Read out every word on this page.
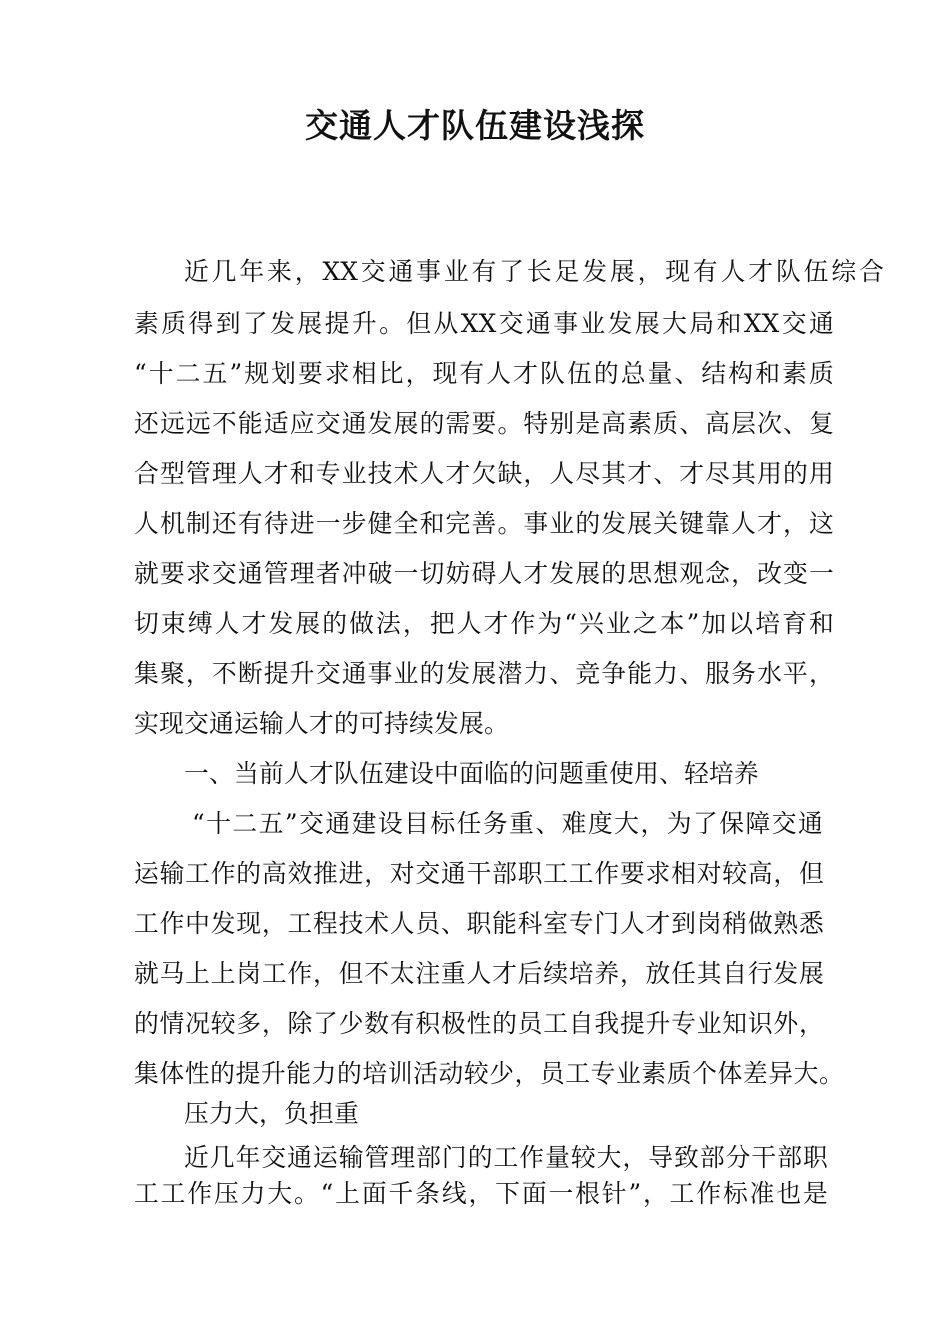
交通人才队伍建设浅探
近几年来，XX交通事业有了长足发展，现有人才队伍综合
素质得到了发展提升。但从XX交通事业发展大局和XX交通
“十二五”规划要求相比，现有人才队伍的总量、结构和素质
还远远不能适应交通发展的需要。特别是高素质、高层次、复
合型管理人才和专业技术人才欠缺，人尽其才、才尽其用的用
人机制还有待进一步健全和完善。事业的发展关键靠人才，这
就要求交通管理者冲破一切妨碍人才发展的思想观念，改变一
切束缚人才发展的做法，把人才作为“兴业之本”加以培育和
集聚，不断提升交通事业的发展潜力、竞争能力、服务水平，
实现交通运输人才的可持续发展。
一、当前人才队伍建设中面临的问题重使用、轻培养
“十二五”交通建设目标任务重、难度大，为了保障交通
运输工作的高效推进，对交通干部职工工作要求相对较高，但
工作中发现，工程技术人员、职能科室专门人才到岗稍做熟悉
就马上上岗工作，但不太注重人才后续培养，放任其自行发展
的情况较多，除了少数有积极性的员工自我提升专业知识外，
集体性的提升能力的培训活动较少，员工专业素质个体差异大。
压力大，负担重
近几年交通运输管理部门的工作量较大，导致部分干部职
工工作压力大。“上面千条线，下面一根针”，工作标准也是
